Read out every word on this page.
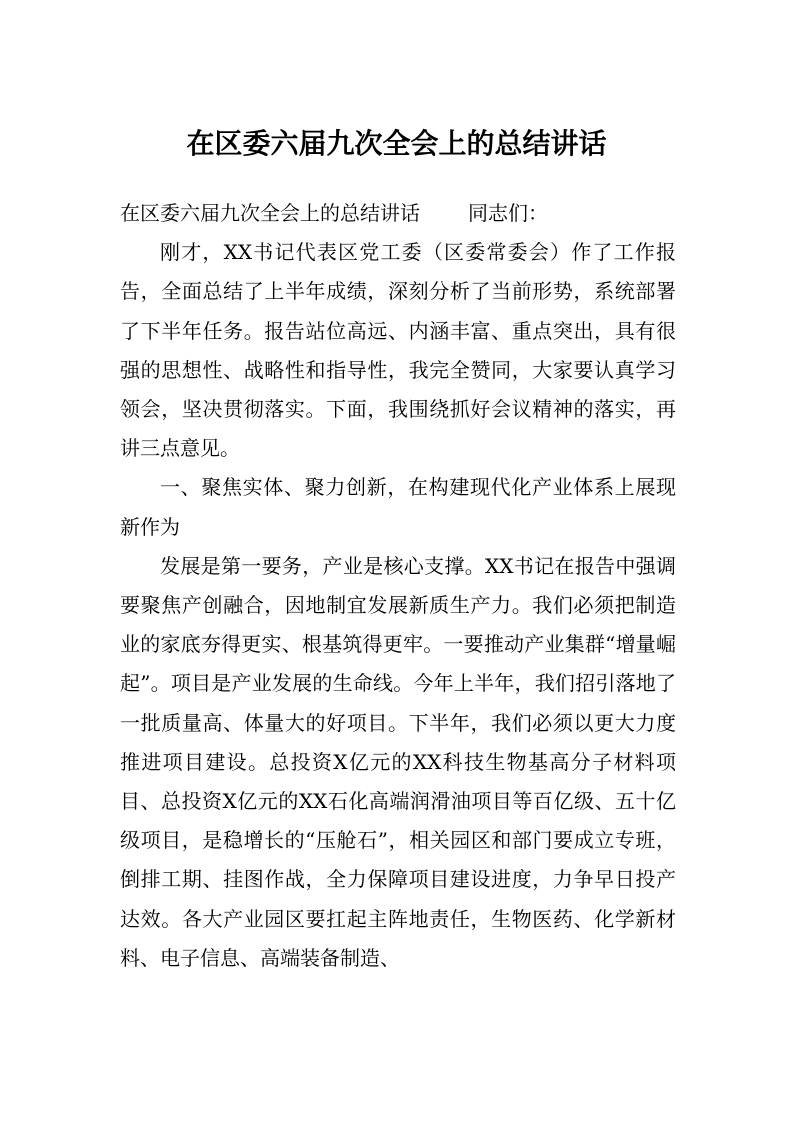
在区委六届九次全会上的总结讲话

在区委六届九次全会上的总结讲话 同志们：

刚才，XX书记代表区党工委（区委常委会）作了工作报告，全面总结了上半年成绩，深刻分析了当前形势，系统部署了下半年任务。报告站位高远、内涵丰富、重点突出，具有很强的思想性、战略性和指导性，我完全赞同，大家要认真学习领会，坚决贯彻落实。下面，我围绕抓好会议精神的落实，再讲三点意见。

一、聚焦实体、聚力创新，在构建现代化产业体系上展现新作为

发展是第一要务，产业是核心支撑。XX书记在报告中强调要聚焦产创融合，因地制宜发展新质生产力。我们必须把制造业的家底夯得更实、根基筑得更牢。一要推动产业集群“增量崛起”。项目是产业发展的生命线。今年上半年，我们招引落地了一批质量高、体量大的好项目。下半年，我们必须以更大力度推进项目建设。总投资X亿元的XX科技生物基高分子材料项目、总投资X亿元的XX石化高端润滑油项目等百亿级、五十亿级项目，是稳增长的“压舱石”，相关园区和部门要成立专班，倒排工期、挂图作战，全力保障项目建设进度，力争早日投产达效。各大产业园区要扛起主阵地责任，生物医药、化学新材料、电子信息、高端装备制造、
